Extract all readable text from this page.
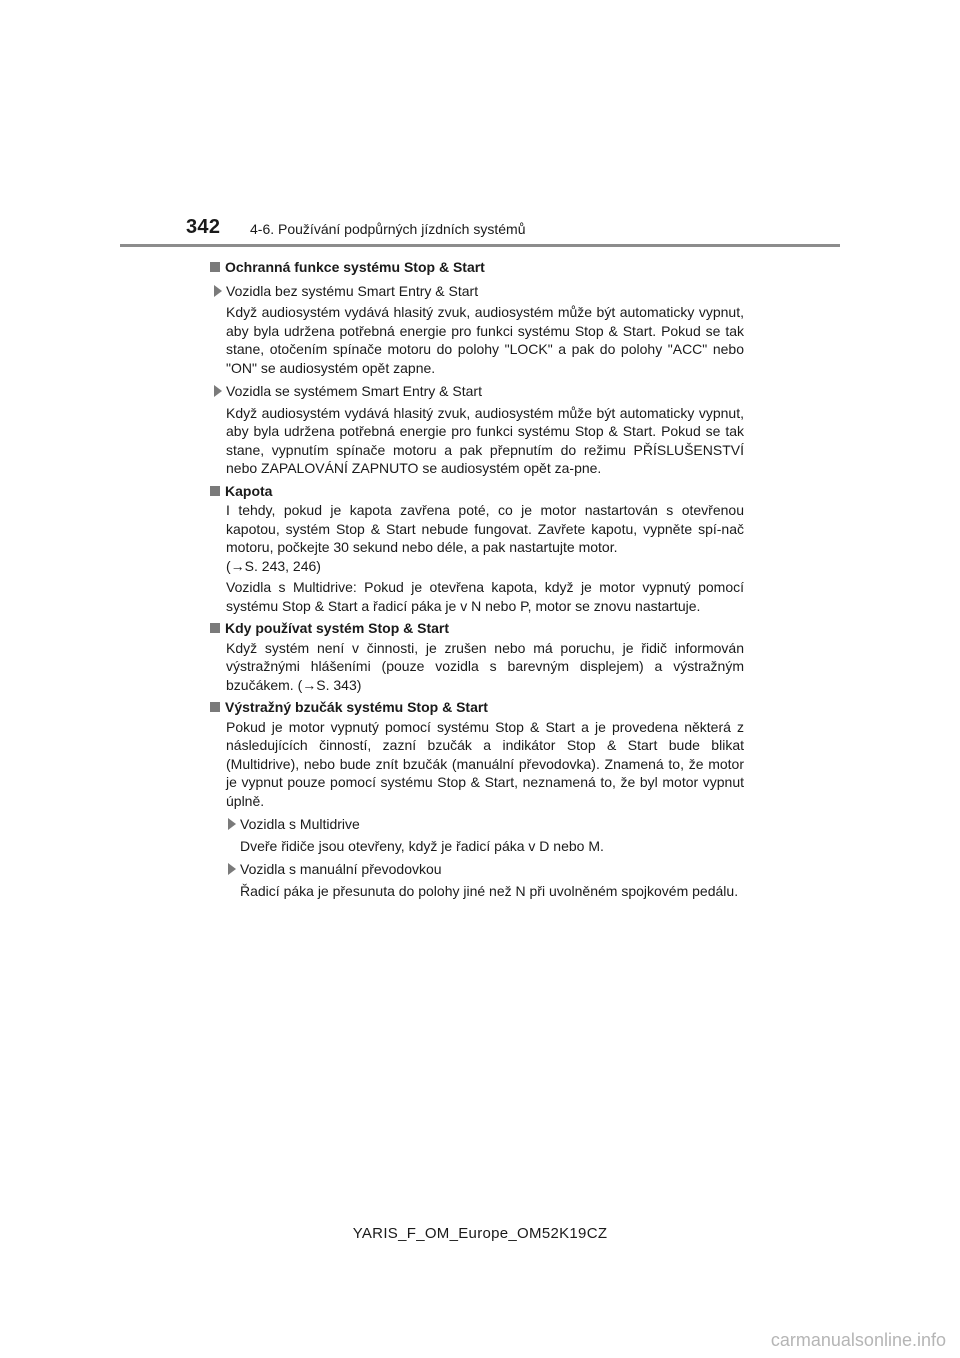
342 4-6. Používání podpůrných jízdních systémů
Ochranná funkce systému Stop & Start
Vozidla bez systému Smart Entry & Start
Když audiosystém vydává hlasitý zvuk, audiosystém může být automaticky vypnut, aby byla udržena potřebná energie pro funkci systému Stop & Start. Pokud se tak stane, otočením spínače motoru do polohy "LOCK" a pak do polohy "ACC" nebo "ON" se audiosystém opět zapne.
Vozidla se systémem Smart Entry & Start
Když audiosystém vydává hlasitý zvuk, audiosystém může být automaticky vypnut, aby byla udržena potřebná energie pro funkci systému Stop & Start. Pokud se tak stane, vypnutím spínače motoru a pak přepnutím do režimu PŘÍSLUŠENSTVÍ nebo ZAPALOVÁNÍ ZAPNUTO se audiosystém opět za-pne.
Kapota
I tehdy, pokud je kapota zavřena poté, co je motor nastartován s otevřenou kapotou, systém Stop & Start nebude fungovat. Zavřete kapotu, vypněte spí-nač motoru, počkejte 30 sekund nebo déle, a pak nastartujte motor.
(→S. 243, 246)
Vozidla s Multidrive: Pokud je otevřena kapota, když je motor vypnutý pomocí systému Stop & Start a řadicí páka je v N nebo P, motor se znovu nastartuje.
Kdy používat systém Stop & Start
Když systém není v činnosti, je zrušen nebo má poruchu, je řidič informován výstražnými hlášeními (pouze vozidla s barevným displejem) a výstražným bzučákem. (→S. 343)
Výstražný bzučák systému Stop & Start
Pokud je motor vypnutý pomocí systému Stop & Start a je provedena některá z následujících činností, zazní bzučák a indikátor Stop & Start bude blikat (Multidrive), nebo bude znít bzučák (manuální převodovka). Znamená to, že motor je vypnut pouze pomocí systému Stop & Start, neznamená to, že byl motor vypnut úplně.
Vozidla s Multidrive
Dveře řidiče jsou otevřeny, když je řadicí páka v D nebo M.
Vozidla s manuální převodovkou
Řadicí páka je přesunuta do polohy jiné než N při uvolněném spojkovém pedálu.
YARIS_F_OM_Europe_OM52K19CZ
carmanualsonline.info
